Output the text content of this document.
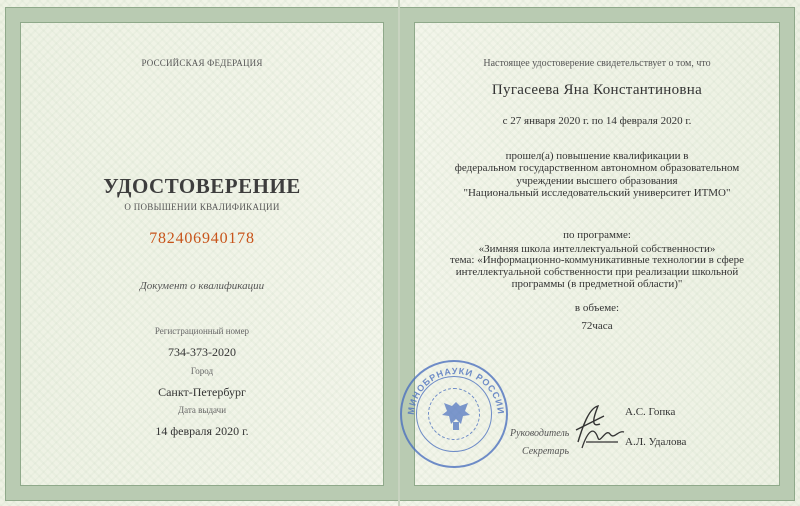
РОССИЙСКАЯ ФЕДЕРАЦИЯ
УДОСТОВЕРЕНИЕ
О ПОВЫШЕНИИ КВАЛИФИКАЦИИ
782406940178
Документ о квалификации
Регистрационный номер
734-373-2020
Город
Санкт-Петербург
Дата выдачи
14 февраля 2020 г.
Настоящее удостоверение свидетельствует о том, что
Пугасеева Яна Константиновна
с 27 января 2020 г. по 14 февраля 2020 г.
прошел(а) повышение квалификации в
федеральном государственном автономном образовательном
учреждении высшего образования
"Национальный исследовательский университет ИТМО"
по программе:
«Зимняя школа интеллектуальной собственности»
тема: «Информационно-коммуникативные технологии в сфере
интеллектуальной собственности при реализации школьной
программы (в предметной области)"
в объеме:
72часа
МИНОБРНАУКИ РОССИИ
Руководитель
А.С. Гопка
Секретарь
А.Л. Удалова
